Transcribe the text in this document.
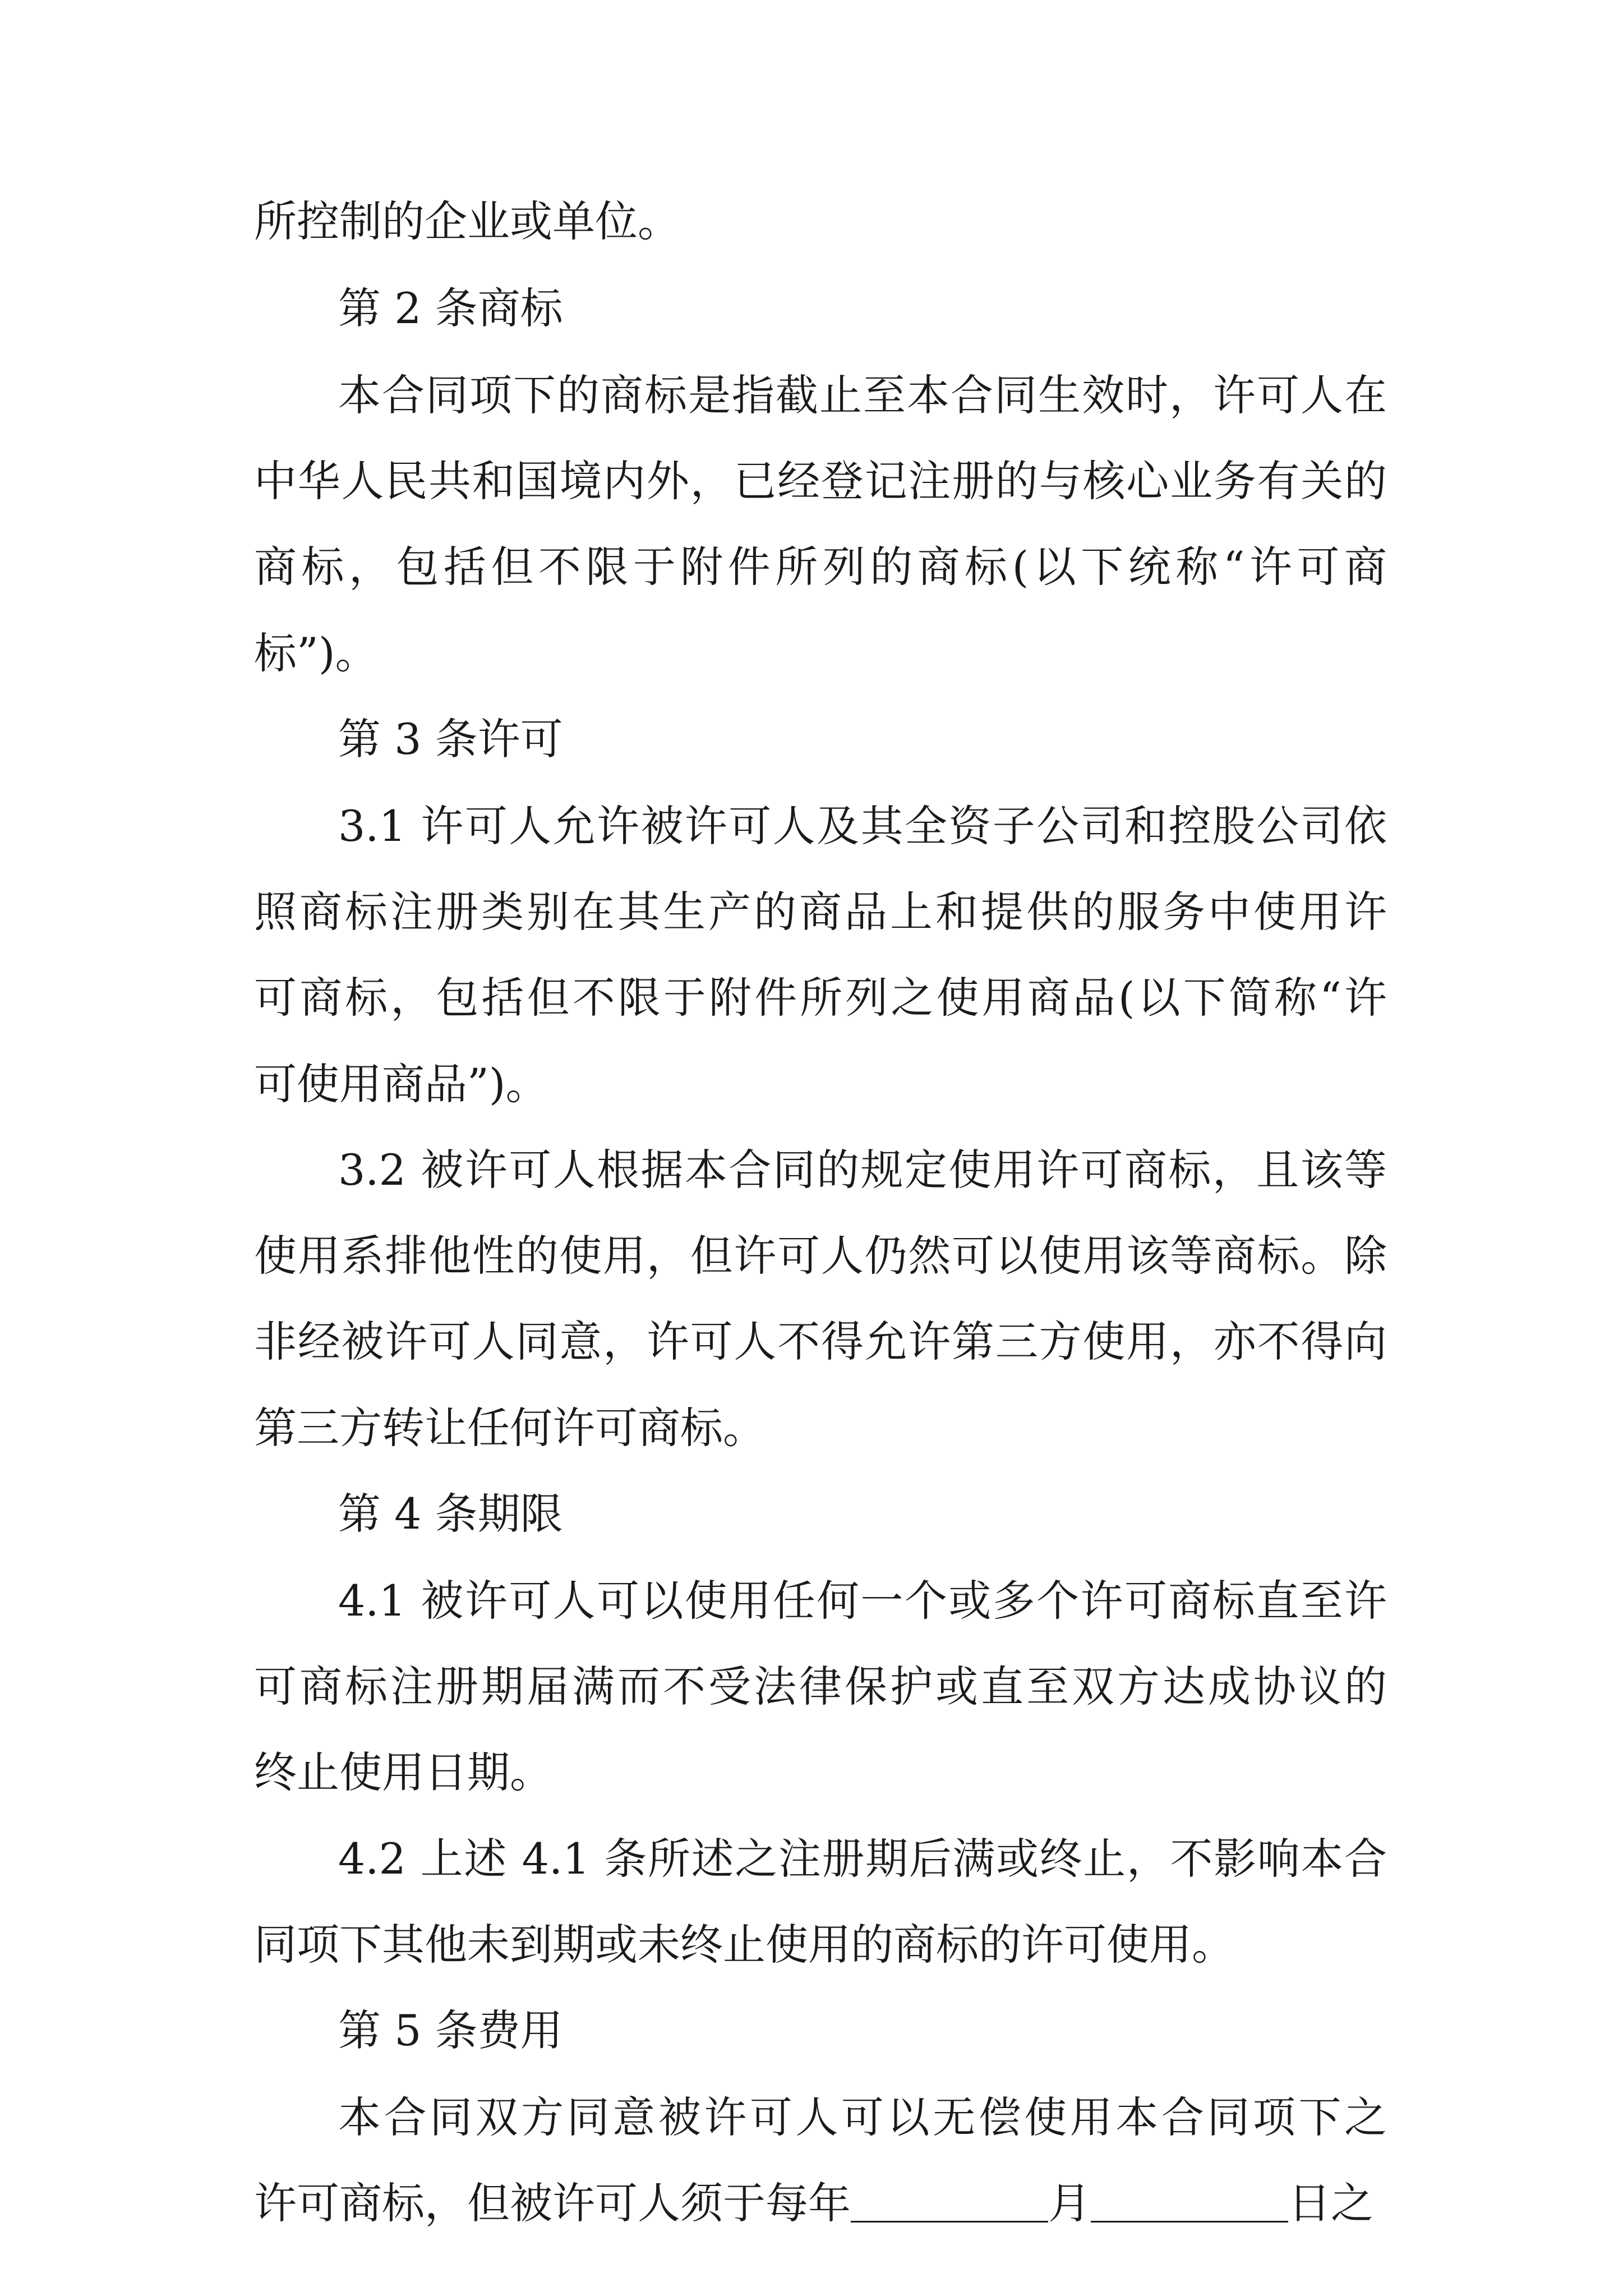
所控制的企业或单位。
第 2 条商标
本合同项下的商标是指截止至本合同生效时，许可人在
中华人民共和国境内外，已经登记注册的与核心业务有关的
商标，包括但不限于附件所列的商标(以下统称“许可商
标”)。
第 3 条许可
3.1 许可人允许被许可人及其全资子公司和控股公司依
照商标注册类别在其生产的商品上和提供的服务中使用许
可商标，包括但不限于附件所列之使用商品(以下简称“许
可使用商品”)。
3.2 被许可人根据本合同的规定使用许可商标，且该等
使用系排他性的使用，但许可人仍然可以使用该等商标。除
非经被许可人同意，许可人不得允许第三方使用，亦不得向
第三方转让任何许可商标。
第 4 条期限
4.1 被许可人可以使用任何一个或多个许可商标直至许
可商标注册期届满而不受法律保护或直至双方达成协议的
终止使用日期。
4.2 上述 4.1 条所述之注册期后满或终止，不影响本合
同项下其他未到期或未终止使用的商标的许可使用。
第 5 条费用
本合同双方同意被许可人可以无偿使用本合同项下之
许可商标，但被许可人须于每年	月	日之
